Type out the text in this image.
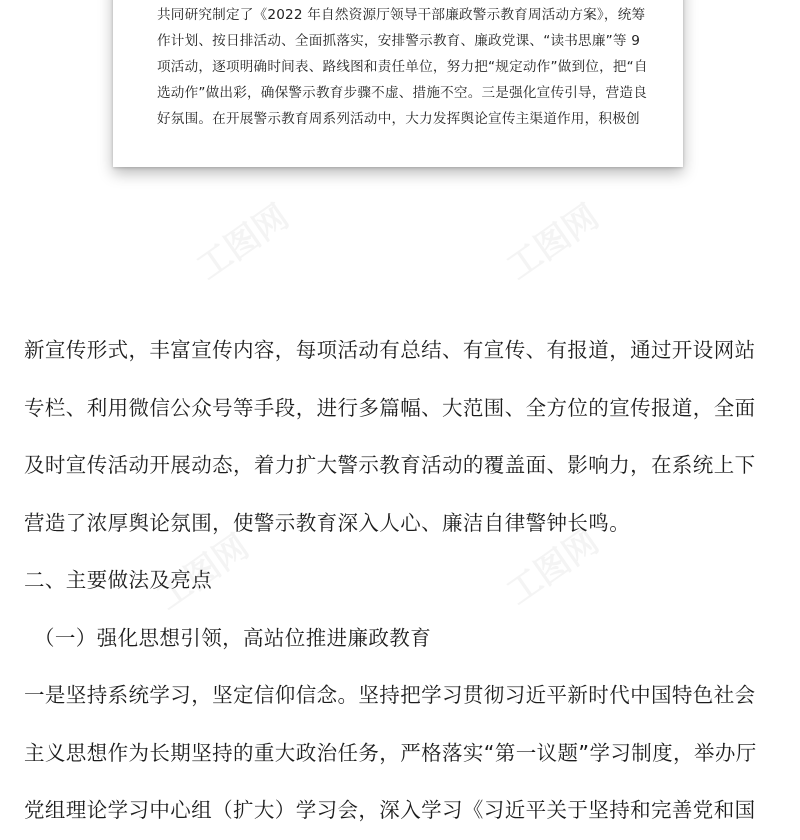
共同研究制定了《2022 年自然资源厅领导干部廉政警示教育周活动方案》，统筹
作计划、按日排活动、全面抓落实，安排警示教育、廉政党课、“读书思廉”等 9
项活动，逐项明确时间表、路线图和责任单位，努力把“规定动作”做到位，把“自
选动作”做出彩，确保警示教育步骤不虚、措施不空。三是强化宣传引导，营造良
好氛围。在开展警示教育周系列活动中，大力发挥舆论宣传主渠道作用，积极创
新宣传形式，丰富宣传内容，每项活动有总结、有宣传、有报道，通过开设网站
专栏、利用微信公众号等手段，进行多篇幅、大范围、全方位的宣传报道，全面
及时宣传活动开展动态，着力扩大警示教育活动的覆盖面、影响力，在系统上下
营造了浓厚舆论氛围，使警示教育深入人心、廉洁自律警钟长鸣。
二、主要做法及亮点
（一）强化思想引领，高站位推进廉政教育
一是坚持系统学习，坚定信仰信念。坚持把学习贯彻习近平新时代中国特色社会
主义思想作为长期坚持的重大政治任务，严格落实“第一议题”学习制度，举办厅
党组理论学习中心组（扩大）学习会，深入学习《习近平关于坚持和完善党和国
